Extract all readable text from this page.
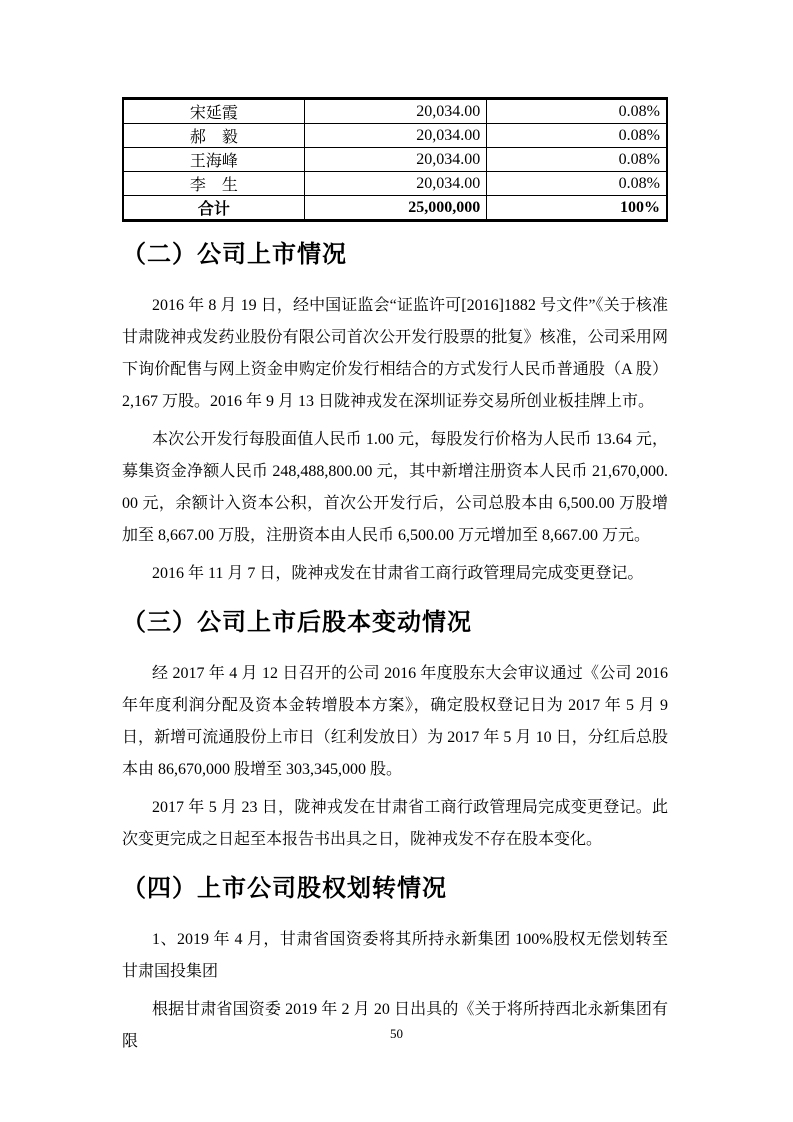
宋延霞	20,034.00	0.08%
郝　毅	20,034.00	0.08%
王海峰	20,034.00	0.08%
李　生	20,034.00	0.08%
合计	25,000,000	100%
（二）公司上市情况

2016 年 8 月 19 日，经中国证监会“证监许可[2016]1882 号文件”《关于核准甘肃陇神戎发药业股份有限公司首次公开发行股票的批复》核准，公司采用网下询价配售与网上资金申购定价发行相结合的方式发行人民币普通股（A 股）2,167 万股。2016 年 9 月 13 日陇神戎发在深圳证券交易所创业板挂牌上市。

本次公开发行每股面值人民币 1.00 元，每股发行价格为人民币 13.64 元，募集资金净额人民币 248,488,800.00 元，其中新增注册资本人民币 21,670,000.00 元，余额计入资本公积，首次公开发行后，公司总股本由 6,500.00 万股增加至 8,667.00 万股，注册资本由人民币 6,500.00 万元增加至 8,667.00 万元。

2016 年 11 月 7 日，陇神戎发在甘肃省工商行政管理局完成变更登记。

（三）公司上市后股本变动情况

经 2017 年 4 月 12 日召开的公司 2016 年度股东大会审议通过《公司 2016 年年度利润分配及资本金转增股本方案》，确定股权登记日为 2017 年 5 月 9 日，新增可流通股份上市日（红利发放日）为 2017 年 5 月 10 日，分红后总股本由 86,670,000 股增至 303,345,000 股。

2017 年 5 月 23 日，陇神戎发在甘肃省工商行政管理局完成变更登记。此次变更完成之日起至本报告书出具之日，陇神戎发不存在股本变化。

（四）上市公司股权划转情况

1、2019 年 4 月，甘肃省国资委将其所持永新集团 100%股权无偿划转至甘肃国投集团

根据甘肃省国资委 2019 年 2 月 20 日出具的《关于将所持西北永新集团有限	50
